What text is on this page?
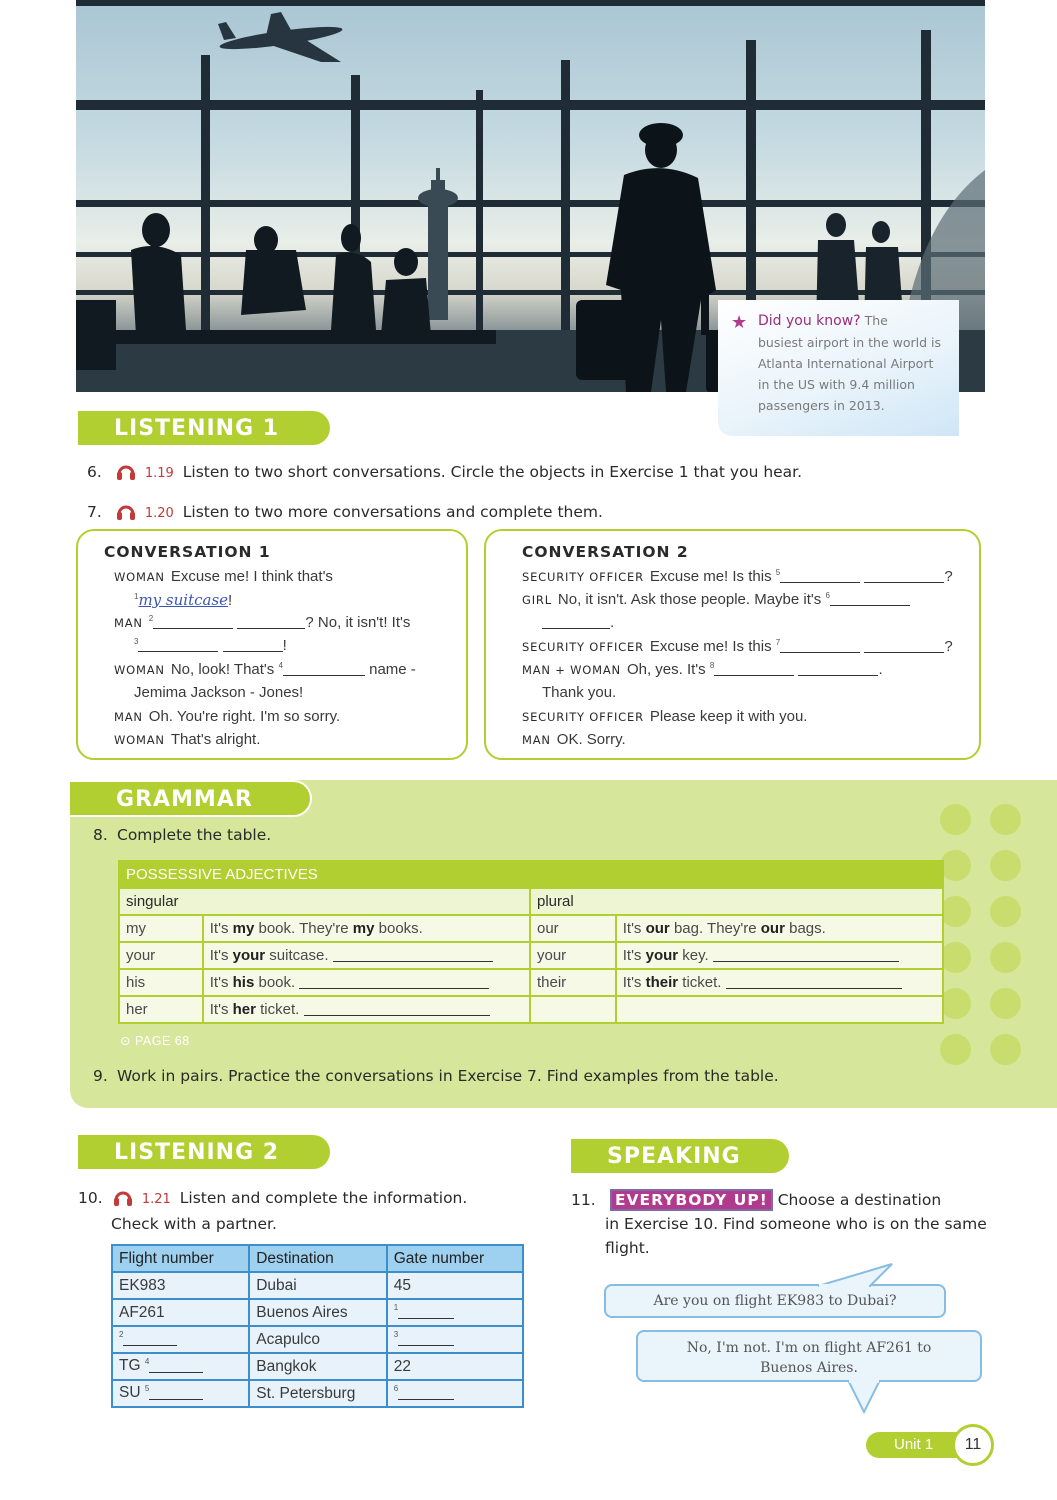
★ Did you know? The
busiest airport in the world is
Atlanta International Airport
in the US with 9.4 million
passengers in 2013.
LISTENING 1
6.	1.19 Listen to two short conversations. Circle the objects in Exercise 1 that you hear.
7.	1.20 Listen to two more conversations and complete them.
CONVERSATION 1
WOMAN Excuse me! I think that's
$^1$my suitcase!
MAN $^2$	? No, it isn't! It's
$^3$	!
WOMAN No, look! That's $^4$	name -
Jemima Jackson - Jones!
MAN Oh. You're right. I'm so sorry.
WOMAN That's alright.
CONVERSATION 2
SECURITY OFFICER Excuse me! Is this $^5$	?
GIRL No, it isn't. Ask those people. Maybe it's $^6$
.
SECURITY OFFICER Excuse me! Is this $^7$	?
MAN + WOMAN Oh, yes. It's $^8$	.
Thank you.
SECURITY OFFICER Please keep it with you.
MAN OK. Sorry.
GRAMMAR
8. Complete the table.
POSSESSIVE ADJECTIVES			
singular		plural	
my	It's my book. They're my books.	our	It's our bag. They're our bags.
your	It's your suitcase.	your	It's your key.
his	It's his book.	their	It's their ticket.
her	It's her ticket.		
⊙ PAGE 68
9. Work in pairs. Practice the conversations in Exercise 7. Find examples from the table.
LISTENING 2
10.	1.21 Listen and complete the information.
Check with a partner.
Flight number	Destination	Gate number
EK983	Dubai	45
AF261	Buenos Aires	$^1$
$^2$	Acapulco	$^3$
TG $^4$	Bangkok	22
SU $^5$	St. Petersburg	$^6$
SPEAKING
11. EVERYBODY UP! Choose a destination
in Exercise 10. Find someone who is on the same
flight.
Are you on flight EK983 to Dubai?
No, I'm not. I'm on flight AF261 to
Buenos Aires.
Unit 1	11
